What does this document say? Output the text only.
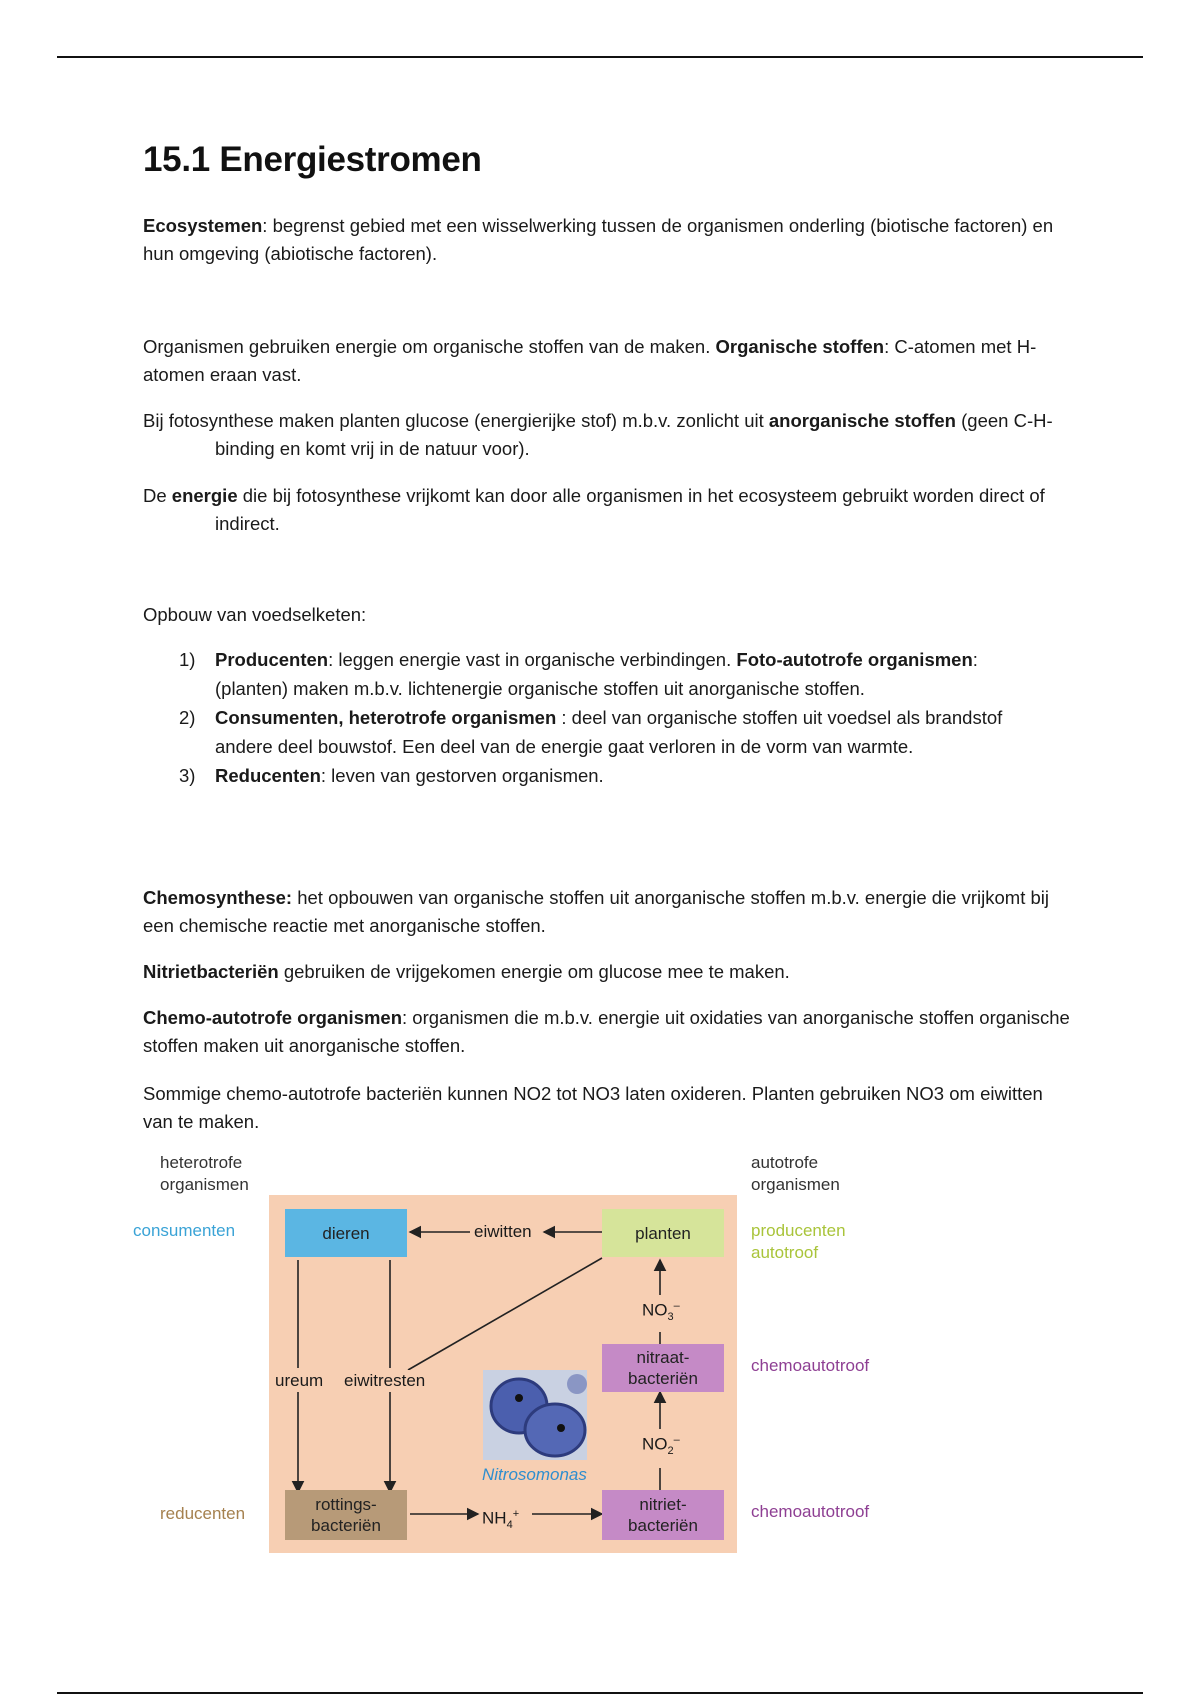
15.1 Energiestromen

Ecosystemen: begrenst gebied met een wisselwerking tussen de organismen onderling (biotische factoren) en hun omgeving (abiotische factoren).

Organismen gebruiken energie om organische stoffen van de maken. Organische stoffen: C-atomen met H-atomen eraan vast.

Bij fotosynthese maken planten glucose (energierijke stof) m.b.v. zonlicht uit anorganische stoffen (geen C-H-binding en komt vrij in de natuur voor).

De energie die bij fotosynthese vrijkomt kan door alle organismen in het ecosysteem gebruikt worden direct of indirect.

Opbouw van voedselketen:

1) Producenten: leggen energie vast in organische verbindingen. Foto-autotrofe organismen: (planten) maken m.b.v. lichtenergie organische stoffen uit anorganische stoffen.
2) Consumenten, heterotrofe organismen : deel van organische stoffen uit voedsel als brandstof andere deel bouwstof. Een deel van de energie gaat verloren in de vorm van warmte.
3) Reducenten: leven van gestorven organismen.

Chemosynthese: het opbouwen van organische stoffen uit anorganische stoffen m.b.v. energie die vrijkomt bij een chemische reactie met anorganische stoffen.

Nitrietbacteriën gebruiken de vrijgekomen energie om glucose mee te maken.

Chemo-autotrofe organismen: organismen die m.b.v. energie uit oxidaties van anorganische stoffen organische stoffen maken uit anorganische stoffen.

Sommige chemo-autotrofe bacteriën kunnen NO2 tot NO3 laten oxideren. Planten gebruiken NO3 om eiwitten van te maken.

heterotrofe
organismen
autotrofe
organismen
consumenten
reducenten
producenten
autotroof
chemoautotroof
chemoautotroof
dieren	planten
nitraat-
bacteriën
nitriet-
bacteriën
rottings-
bacteriën
eiwitten
ureum eiwitresten
$NO_3^-$
$NO_2^-$
$NH_4^+$
Nitrosomonas
